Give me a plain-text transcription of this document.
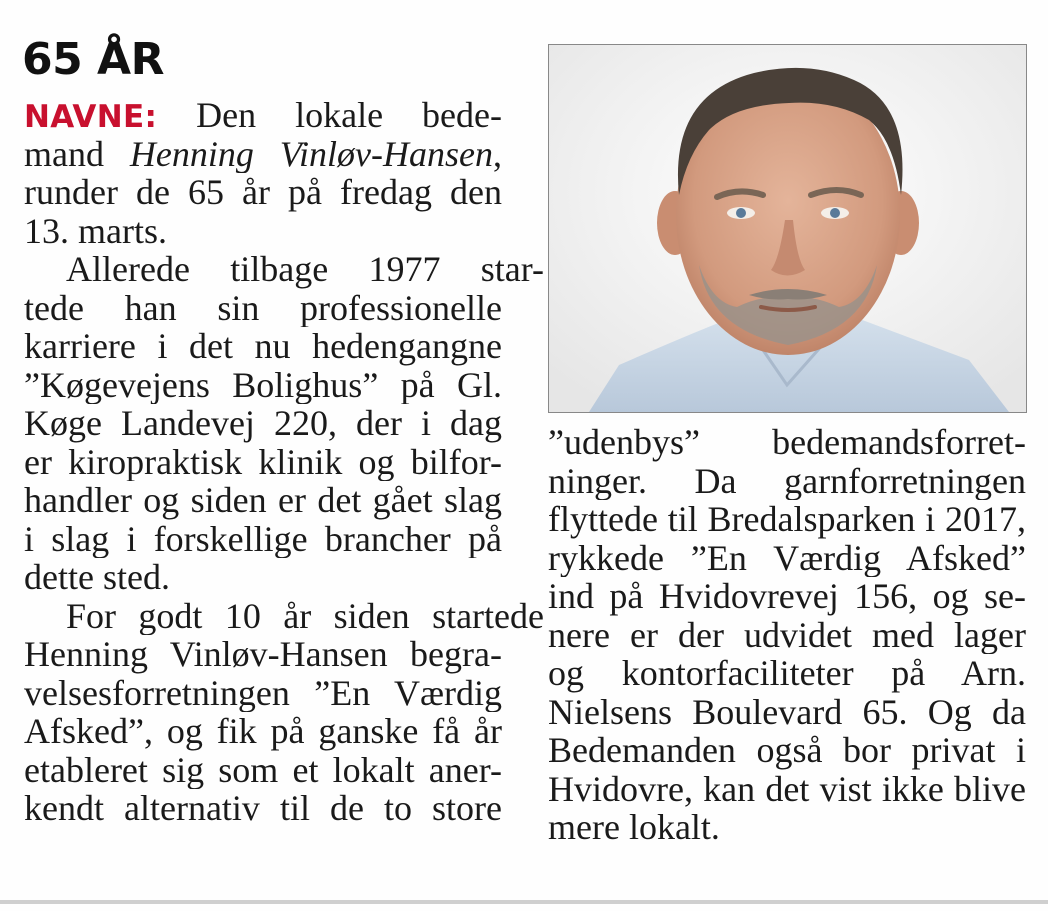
65 ÅR
NAVNE: Den lokale bede-
mand Henning Vinløv-Hansen,
runder de 65 år på fredag den
13. marts.
Allerede tilbage 1977 star-
tede han sin professionelle
karriere i det nu hedengangne
”Køgevejens Bolighus” på Gl.
Køge Landevej 220, der i dag
er kiropraktisk klinik og bilfor-
handler og siden er det gået slag
i slag i forskellige brancher på
dette sted.
For godt 10 år siden startede
Henning Vinløv-Hansen begra-
velsesforretningen ”En Værdig
Afsked”, og fik på ganske få år
etableret sig som et lokalt aner-
kendt alternativ til de to store
”udenbys” bedemandsforret-
ninger. Da garnforretningen
flyttede til Bredalsparken i 2017,
rykkede ”En Værdig Afsked”
ind på Hvidovrevej 156, og se-
nere er der udvidet med lager
og kontorfaciliteter på Arn.
Nielsens Boulevard 65. Og da
Bedemanden også bor privat i
Hvidovre, kan det vist ikke blive
mere lokalt.
